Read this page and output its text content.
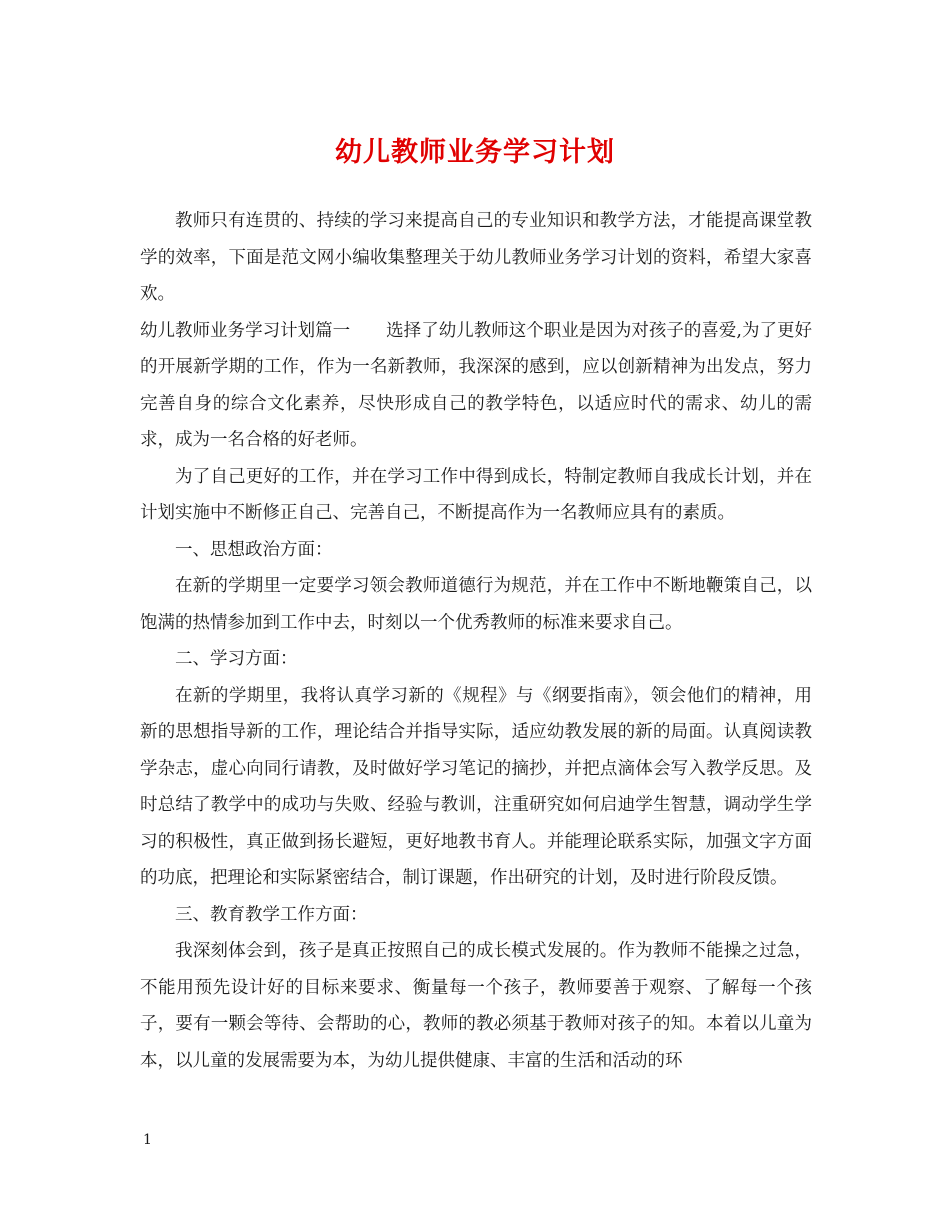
幼儿教师业务学习计划

教师只有连贯的、持续的学习来提高自己的专业知识和教学方法，才能提高课堂教学的效率，下面是范文网小编收集整理关于幼儿教师业务学习计划的资料，希望大家喜欢。

幼儿教师业务学习计划篇一 选择了幼儿教师这个职业是因为对孩子的喜爱,为了更好的开展新学期的工作，作为一名新教师，我深深的感到，应以创新精神为出发点，努力完善自身的综合文化素养，尽快形成自己的教学特色，以适应时代的需求、幼儿的需求，成为一名合格的好老师。

为了自己更好的工作，并在学习工作中得到成长，特制定教师自我成长计划，并在计划实施中不断修正自己、完善自己，不断提高作为一名教师应具有的素质。

一、思想政治方面：

在新的学期里一定要学习领会教师道德行为规范，并在工作中不断地鞭策自己，以饱满的热情参加到工作中去，时刻以一个优秀教师的标准来要求自己。

二、学习方面：

在新的学期里，我将认真学习新的《规程》与《纲要指南》，领会他们的精神，用新的思想指导新的工作，理论结合并指导实际，适应幼教发展的新的局面。认真阅读教学杂志，虚心向同行请教，及时做好学习笔记的摘抄，并把点滴体会写入教学反思。及时总结了教学中的成功与失败、经验与教训，注重研究如何启迪学生智慧，调动学生学习的积极性，真正做到扬长避短，更好地教书育人。并能理论联系实际，加强文字方面的功底，把理论和实际紧密结合，制订课题，作出研究的计划，及时进行阶段反馈。

三、教育教学工作方面：

我深刻体会到，孩子是真正按照自己的成长模式发展的。作为教师不能操之过急，不能用预先设计好的目标来要求、衡量每一个孩子，教师要善于观察、了解每一个孩子，要有一颗会等待、会帮助的心，教师的教必须基于教师对孩子的知。本着以儿童为本，以儿童的发展需要为本，为幼儿提供健康、丰富的生活和活动的环

1
